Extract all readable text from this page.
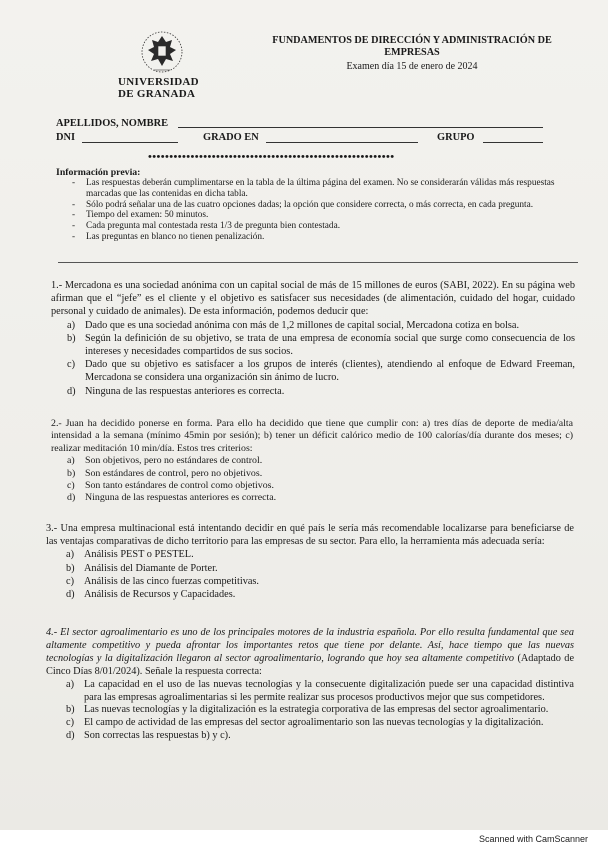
UNIVERSIDAD
DE GRANADA
FUNDAMENTOS DE DIRECCIÓN Y ADMINISTRACIÓN DE
EMPRESAS
Examen día 15 de enero de 2024
APELLIDOS, NOMBRE
DNI	GRADO EN	GRUPO
••••••••••••••••••••••••••••••••••••••••••••••••••••••••••
Información previa:
- Las respuestas deberán cumplimentarse en la tabla de la última página del examen. No se considerarán válidas más respuestas marcadas que las contenidas en dicha tabla.
- Sólo podrá señalar una de las cuatro opciones dadas; la opción que considere correcta, o más correcta, en cada pregunta.
- Tiempo del examen: 50 minutos.
- Cada pregunta mal contestada resta 1/3 de pregunta bien contestada.
- Las preguntas en blanco no tienen penalización.

1.- Mercadona es una sociedad anónima con un capital social de más de 15 millones de euros (SABI, 2022). En su página web afirman que el “jefe” es el cliente y el objetivo es satisfacer sus necesidades (de alimentación, cuidado del hogar, cuidado personal y cuidado de animales). De esta información, podemos deducir que:

a) Dado que es una sociedad anónima con más de 1,2 millones de capital social, Mercadona cotiza en bolsa.
b) Según la definición de su objetivo, se trata de una empresa de economía social que surge como consecuencia de los intereses y necesidades compartidos de sus socios.
c) Dado que su objetivo es satisfacer a los grupos de interés (clientes), atendiendo al enfoque de Edward Freeman, Mercadona se considera una organización sin ánimo de lucro.
d) Ninguna de las respuestas anteriores es correcta.

2.- Juan ha decidido ponerse en forma. Para ello ha decidido que tiene que cumplir con: a) tres días de deporte de media/alta intensidad a la semana (mínimo 45min por sesión); b) tener un déficit calórico medio de 100 calorías/día durante dos meses; c) realizar meditación 10 min/día. Estos tres criterios:

a) Son objetivos, pero no estándares de control.
b) Son estándares de control, pero no objetivos.
c) Son tanto estándares de control como objetivos.
d) Ninguna de las respuestas anteriores es correcta.

3.- Una empresa multinacional está intentando decidir en qué país le sería más recomendable localizarse para beneficiarse de las ventajas comparativas de dicho territorio para las empresas de su sector. Para ello, la herramienta más adecuada sería:

a) Análisis PEST o PESTEL.
b) Análisis del Diamante de Porter.
c) Análisis de las cinco fuerzas competitivas.
d) Análisis de Recursos y Capacidades.

4.- El sector agroalimentario es uno de los principales motores de la industria española. Por ello resulta fundamental que sea altamente competitivo y pueda afrontar los importantes retos que tiene por delante. Así, hace tiempo que las nuevas tecnologías y la digitalización llegaron al sector agroalimentario, logrando que hoy sea altamente competitivo (Adaptado de Cinco Días 8/01/2024). Señale la respuesta correcta:

a) La capacidad en el uso de las nuevas tecnologías y la consecuente digitalización puede ser una capacidad distintiva para las empresas agroalimentarias si les permite realizar sus procesos productivos mejor que sus competidores.
b) Las nuevas tecnologías y la digitalización es la estrategia corporativa de las empresas del sector agroalimentario.
c) El campo de actividad de las empresas del sector agroalimentario son las nuevas tecnologías y la digitalización.
d) Son correctas las respuestas b) y c).
Scanned with CamScanner
